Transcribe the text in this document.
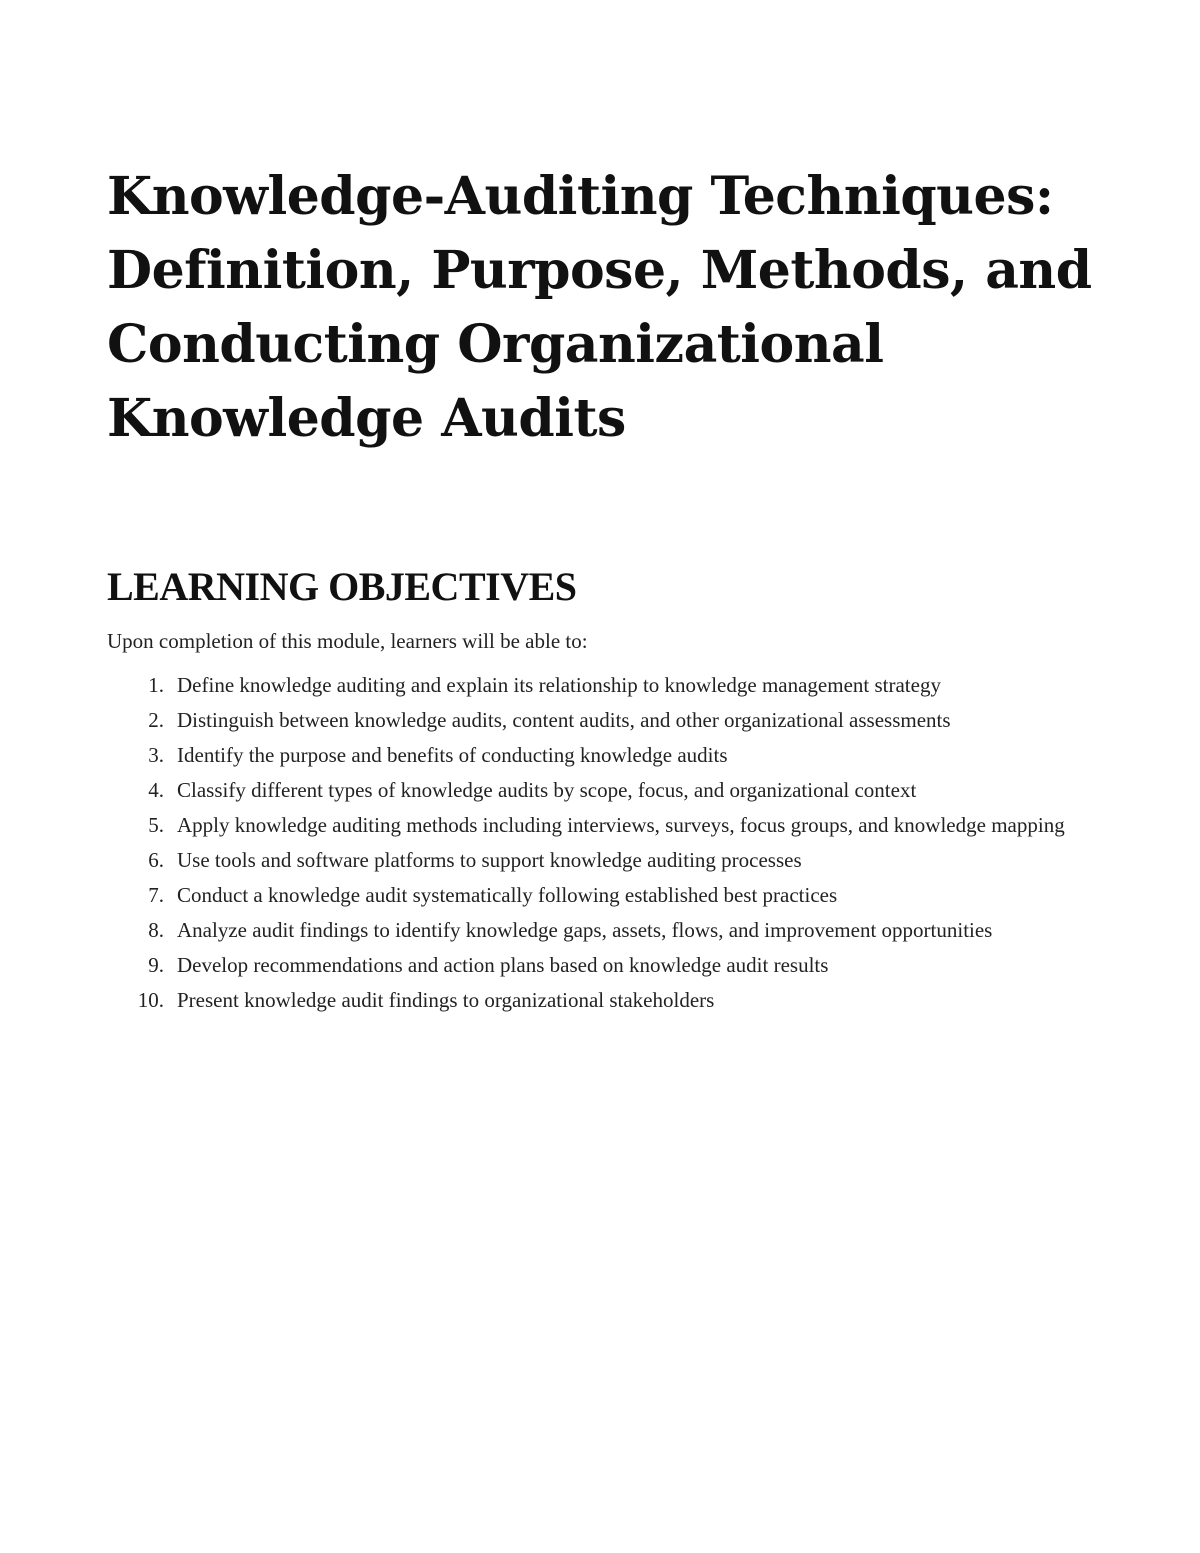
Knowledge-Auditing Techniques: Definition, Purpose, Methods, and Conducting Organizational Knowledge Audits
LEARNING OBJECTIVES

Upon completion of this module, learners will be able to:

1. Define knowledge auditing and explain its relationship to knowledge management strategy
2. Distinguish between knowledge audits, content audits, and other organizational assessments
3. Identify the purpose and benefits of conducting knowledge audits
4. Classify different types of knowledge audits by scope, focus, and organizational context
5. Apply knowledge auditing methods including interviews, surveys, focus groups, and knowledge mapping
6. Use tools and software platforms to support knowledge auditing processes
7. Conduct a knowledge audit systematically following established best practices
8. Analyze audit findings to identify knowledge gaps, assets, flows, and improvement opportunities
9. Develop recommendations and action plans based on knowledge audit results
10. Present knowledge audit findings to organizational stakeholders
